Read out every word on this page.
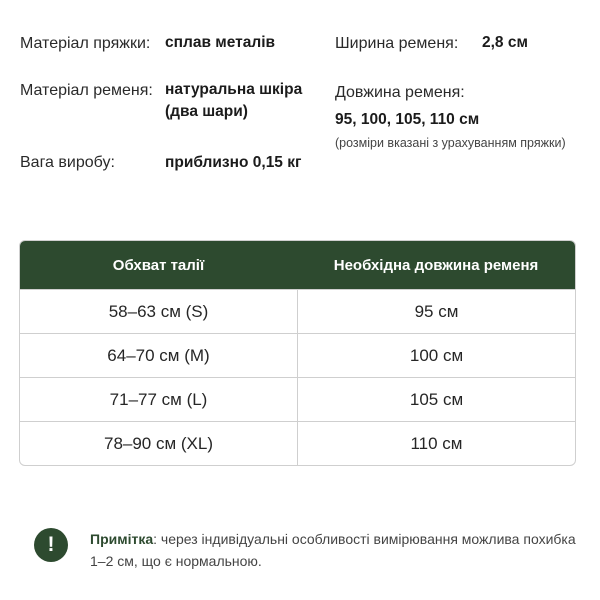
Матеріал пряжки: сплав металів	Ширина ременя: 2,8 см
Матеріал ременя: натуральна шкіра
(два шари)
Довжина ременя:
95, 100, 105, 110 см
(розміри вказані з урахуванням пряжки)
Вага виробу:	приблизно 0,15 кг
Обхват талії	Необхідна довжина ременя
58–63 см (S)	95 см
64–70 см (M)	100 см
71–77 см (L)	105 см
78–90 см (XL)	110 см
!	Примітка: через індивідуальні особливості вимірювання можлива похибка 1–2 см, що є нормальною.
